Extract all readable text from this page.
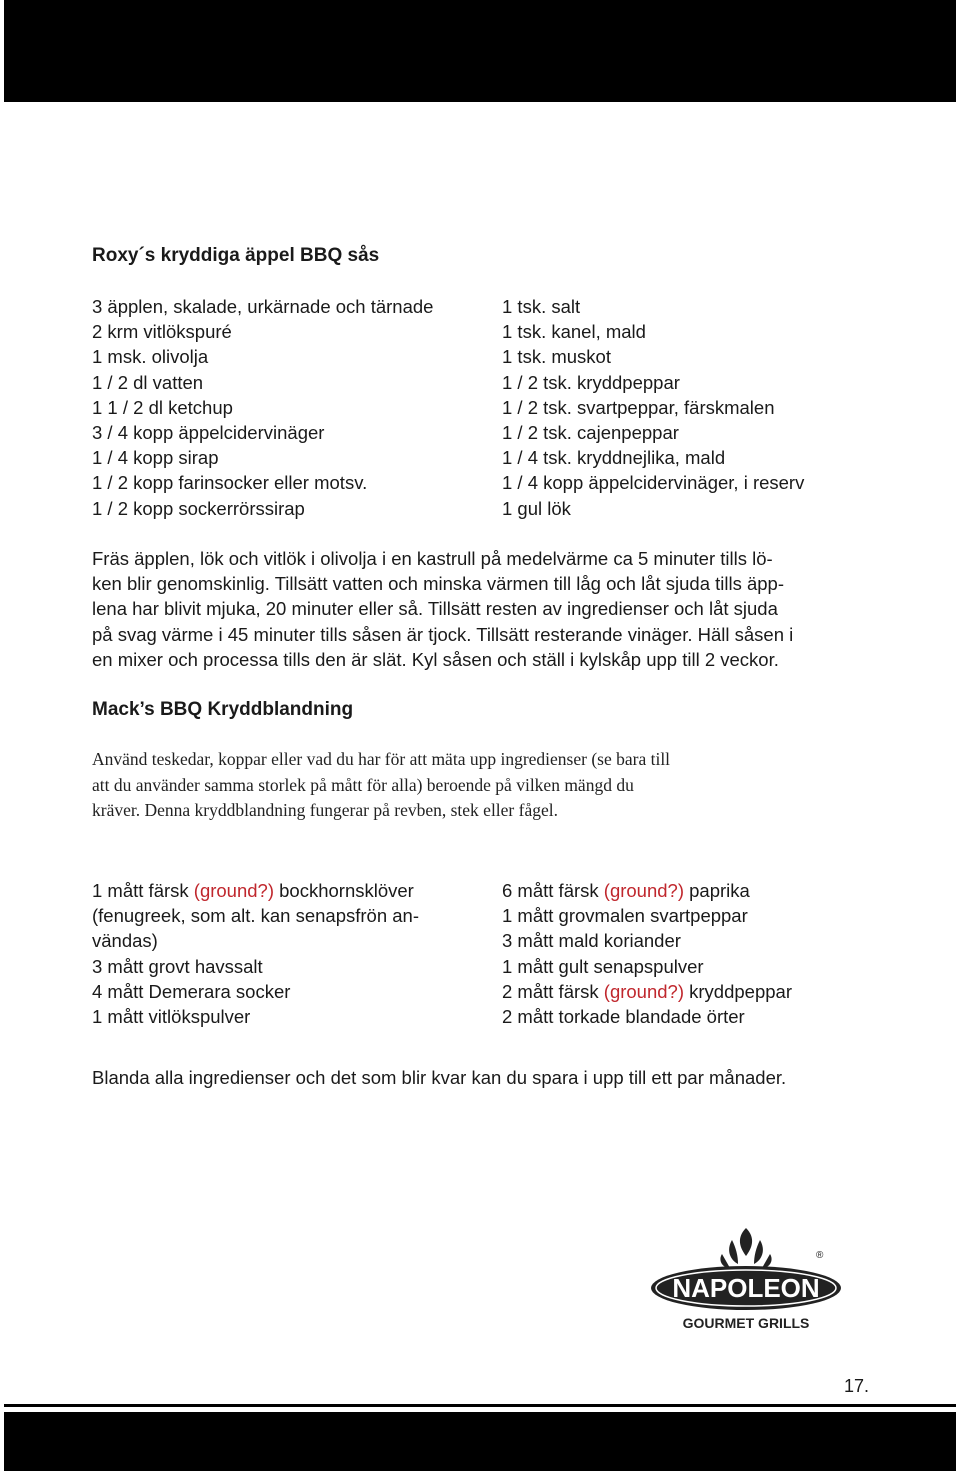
Roxy´s kryddiga äppel BBQ sås
3 äpplen, skalade, urkärnade och tärnade
2 krm vitlökspuré
1 msk. olivolja
1 / 2 dl vatten
1 1 / 2 dl ketchup
3 / 4 kopp äppelcidervinäger
1 / 4 kopp sirap
1 / 2 kopp farinsocker eller motsv.
1 / 2 kopp sockerrörssirap
1 tsk. salt
1 tsk. kanel, mald
1 tsk. muskot
1 / 2 tsk. kryddpeppar
1 / 2 tsk. svartpeppar, färskmalen
1 / 2 tsk. cajenpeppar
1 / 4 tsk. kryddnejlika, mald
1 / 4 kopp äppelcidervinäger, i reserv
1 gul lök
Fräs äpplen, lök och vitlök i olivolja i en kastrull på medelvärme ca 5 minuter tills lö-
ken blir genomskinlig. Tillsätt vatten och minska värmen till låg och låt sjuda tills äpp-
lena har blivit mjuka, 20 minuter eller så. Tillsätt resten av ingredienser och låt sjuda
på svag värme i 45 minuter tills såsen är tjock. Tillsätt resterande vinäger. Häll såsen i
en mixer och processa tills den är slät. Kyl såsen och ställ i kylskåp upp till 2 veckor.
Mack’s BBQ Kryddblandning
Använd teskedar, koppar eller vad du har för att mäta upp ingredienser (se bara till
att du använder samma storlek på mått för alla) beroende på vilken mängd du
kräver. Denna kryddblandning fungerar på revben, stek eller fågel.
1 mått färsk (ground?) bockhornsklöver
(fenugreek, som alt. kan senapsfrön an-
vändas)
3 mått grovt havssalt
4 mått Demerara socker
1 mått vitlökspulver
6 mått färsk (ground?) paprika
1 mått grovmalen svartpeppar
3 mått mald koriander
1 mått gult senapspulver
2 mått färsk (ground?) kryddpeppar
2 mått torkade blandade örter
Blanda alla ingredienser och det som blir kvar kan du spara i upp till ett par månader.
®
NAPOLEON
GOURMET GRILLS
17.
